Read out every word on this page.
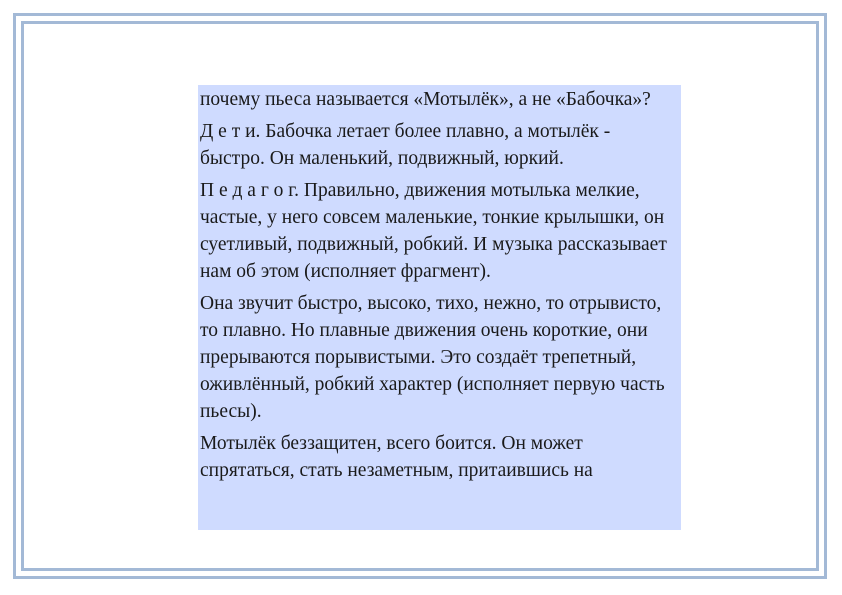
почему пьеса называется «Мотылёк», а не «Бабочка»?

Д е т и. Бабочка летает более плавно, а мотылёк - быстро. Он маленький, подвижный, юркий.

П е д а г о г. Правильно, движения мотылька мелкие, частые, у него совсем маленькие, тонкие крылышки, он суетливый, подвижный, робкий. И музыка рассказывает нам об этом (исполняет фрагмент).

Она звучит быстро, высоко, тихо, нежно, то отрывисто, то плавно. Но плавные движения очень короткие, они прерываются порывистыми. Это создаёт трепетный, оживлённый, робкий характер (исполняет первую часть пьесы).

Мотылёк беззащитен, всего боится. Он может спрятаться, стать незаметным, притаившись на
